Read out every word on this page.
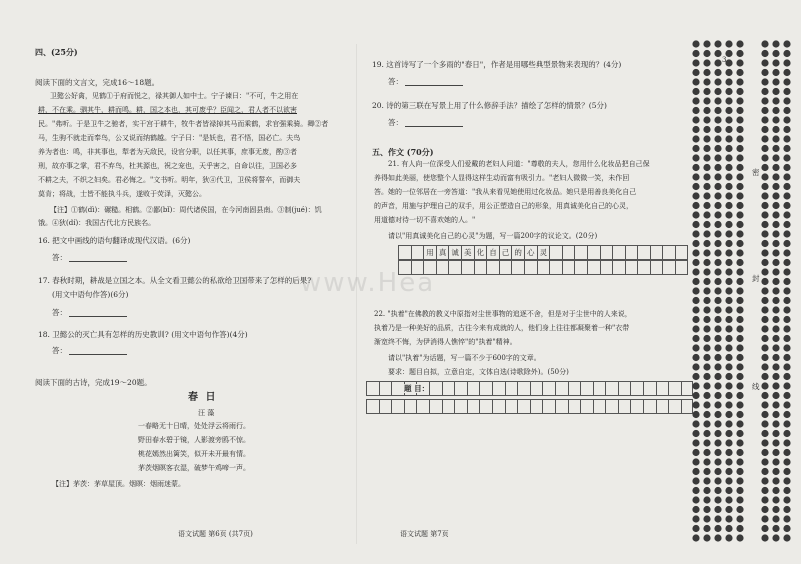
四、(25分)

阅读下面的文言文，完成16～18题。

卫懿公好禽，见鹤①于府而悦之，禄其御人如中士。宁子谏曰："不可，牛之用在

耕，不在乘。驷其牛，耕而鸣。耕，国之本也，其可废乎？臣闻之，君人者不以欲害

民。"弗听。于是卫牛之驰者，实干宫于耕牛，牧牛者皆禄掉其马而乘鹤，求官强乘骑。卿②者

马，生驹不就走而奉鸟，公又说而纳鹤越。宁子曰："是妖也，君不悟，国必亡。夫鸟

养为者也：鸣，非其事也，犁者为天敌民，设官分职，以任其事，庶事无废，酌③者

刑，故亦事之掌，君不弃鸟，杜其源也，祝之宠也，天乎害之，自命以往，卫国必多

不耕之夫，不织之妇矣。君必悔之。"文书听。明年，狄④代卫，卫侯将誓卒，而御夫

莫肯；将战，士皆不能执斗兵，遂败于荧泽，灭懿公。

【注】①鹤(dì)：碾糙。相鹤。②鄙(bǐ)：周代诸侯国，在今河南固县南。③制(jué)：饥

饿。④狄(dí)：我国古代北方民族名。

16. 把文中画线的语句翻译成现代汉语。(6分)

答：

17. 春秋时期，耕战是立国之本。从全文看卫懿公的私欲给卫国带来了怎样的后果?

(用文中语句作答)(6分)

答：

18. 卫懿公的灭亡具有怎样的历史教训? (用文中语句作答)(4分)

答：

阅读下面的古诗，完成19～20题。

春 日

汪 藻

一春略无十日晴，处处浮云将雨行。

野田春水碧于镜，人影渡旁鸥不惊。

桃花嫣然出篱笑，似开未开最有情。

茅茨烟暝客衣湿，破梦午鸡啼一声。

【注】茅茨：茅草屋顶。烟暝：烟雨迷蒙。

语文试题 第6页 (共7页)

19. 这首诗写了一个多雨的"春日"，作者是用哪些典型景物来表现的？(4分)

答：

20. 诗的第三联在写景上用了什么修辞手法？描绘了怎样的情景？(5分)

答：

五、作文 (70分)

21. 有人向一位深受人们爱戴的老妇人问道："尊敬的夫人，您用什么化妆品把自己保

养得如此美丽，使您整个人显得这样生动而富有吸引力。"老妇人微微一笑，未作回

答。她的一位邻居在一旁答道："我从来看见她使用过化妆品。她只是用善良美化自己

的声音，用施与护理自己的双手，用公正塑造自己的形象，用真诚美化自己的心灵，

用道德对待一切不喜欢她的人。"

请以"用真诚美化自己的心灵"为题，写一篇200字的议论文。(20分)

用 真 诚 美 化 自 己 的 心 灵

22. "执着"在佛教的教义中原指对尘世事物的追逐不舍，但是对于尘世中的人来说，

执着乃是一种美好的品质，古往今来有成就的人，他们身上往往都凝聚着一种"衣带

渐宽终不悔，为伊消得人憔悴"的"执着"精神。

请以"执着"为话题，写一篇不少于600字的文章。

要求：题目自拟，立意自定，文体自选(诗歌除外)。(50分)

题 目：

语文试题 第7页

3

密

封

线

www.Hea
